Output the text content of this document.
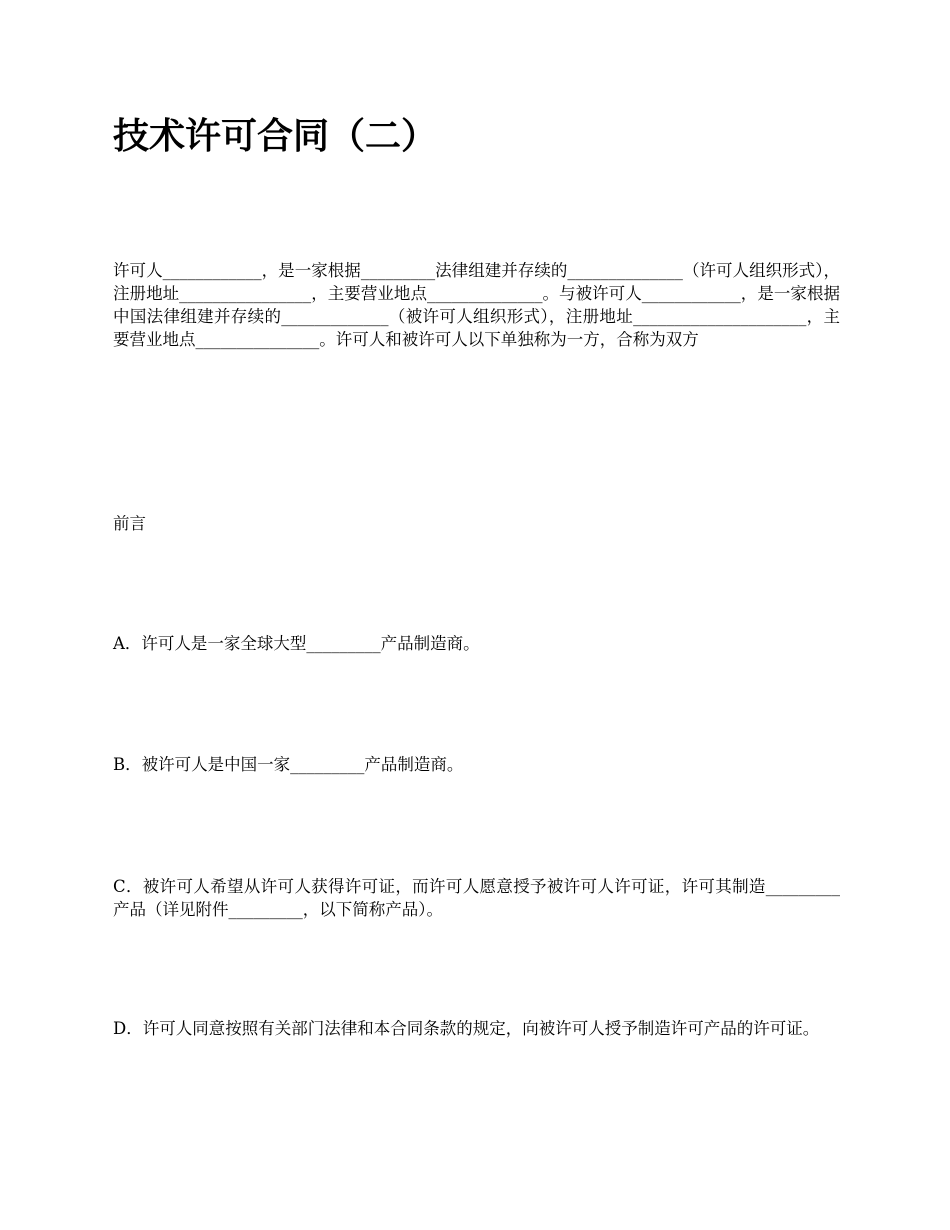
技术许可合同（二）

许可人____________，是一家根据_________法律组建并存续的______________（许可人组织形式），注册地址________________，主要营业地点______________。与被许可人____________，是一家根据中国法律组建并存续的_____________（被许可人组织形式），注册地址_____________________，主要营业地点_______________。许可人和被许可人以下单独称为一方，合称为双方

前言

A．许可人是一家全球大型_________产品制造商。

B．被许可人是中国一家_________产品制造商。

C．被许可人希望从许可人获得许可证，而许可人愿意授予被许可人许可证，许可其制造_________产品（详见附件_________，以下简称产品）。

D．许可人同意按照有关部门法律和本合同条款的规定，向被许可人授予制造许可产品的许可证。
